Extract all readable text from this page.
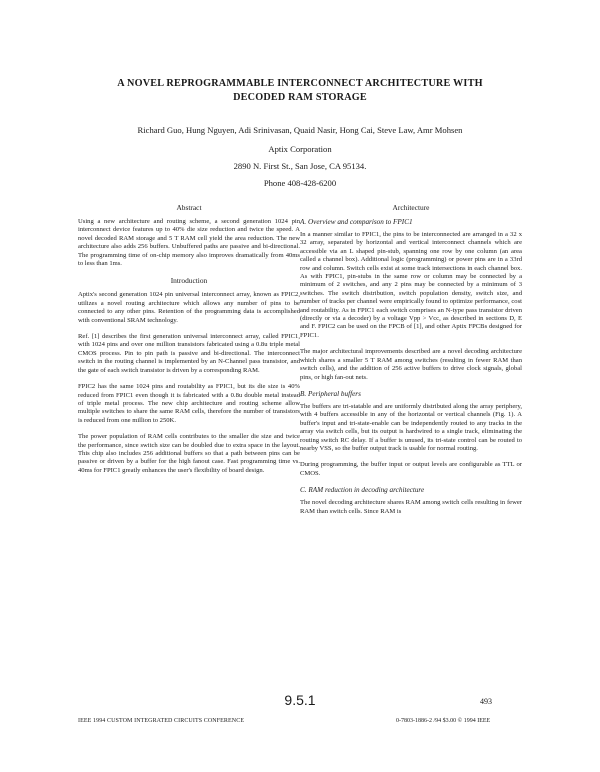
A NOVEL REPROGRAMMABLE INTERCONNECT ARCHITECTURE WITH
DECODED RAM STORAGE
Richard Guo, Hung Nguyen, Adi Srinivasan, Quaid Nasir, Hong Cai, Steve Law, Amr Mohsen
Aptix Corporation
2890 N. First St., San Jose, CA 95134.
Phone 408-428-6200
Abstract

Using a new architecture and routing scheme, a second generation 1024 pin interconnect device features up to 40% die size reduction and twice the speed. A novel decoded RAM storage and 5 T RAM cell yield the area reduction. The new architecture also adds 256 buffers. Unbuffered paths are passive and bi-directional. The programming time of on-chip memory also improves dramatically from 40ms to less than 1ms.

Introduction

Aptix's second generation 1024 pin universal interconnect array, known as FPIC2, utilizes a novel routing architecture which allows any number of pins to be connected to any other pins. Retention of the programming data is accomplished with conventional SRAM technology.

Ref. [1] describes the first generation universal interconnect array, called FPIC1, with 1024 pins and over one million transistors fabricated using a 0.8u triple metal CMOS process. Pin to pin path is passive and bi-directional. The interconnect switch in the routing channel is implemented by an N-Channel pass transistor, and the gate of each switch transistor is driven by a corresponding RAM.

FPIC2 has the same 1024 pins and routability as FPIC1, but its die size is 40% reduced from FPIC1 even though it is fabricated with a 0.8u double metal instead of triple metal process. The new chip architecture and routing scheme allow multiple switches to share the same RAM cells, therefore the number of transistors is reduced from one million to 250K.

The power population of RAM cells contributes to the smaller die size and twice the performance, since switch size can be doubled due to extra space in the layout. This chip also includes 256 additional buffers so that a path between pins can be passive or driven by a buffer for the high fanout case. Fast programming time vs. 40ms for FPIC1 greatly enhances the user's flexibility of board design.

Architecture
A. Overview and comparison to FPIC1

In a manner similar to FPIC1, the pins to be interconnected are arranged in a 32 x 32 array, separated by horizontal and vertical interconnect channels which are accessible via an L shaped pin-stub, spanning one row by one column (an area called a channel box). Additional logic (programming) or power pins are in a 33rd row and column. Switch cells exist at some track intersections in each channel box. As with FPIC1, pin-stubs in the same row or column may be connected by a minimum of 2 switches, and any 2 pins may be connected by a minimum of 3 switches. The switch distribution, switch population density, switch size, and number of tracks per channel were empirically found to optimize performance, cost and routability. As in FPIC1 each switch comprises an N-type pass transistor driven (directly or via a decoder) by a voltage Vpp > Vcc, as described in sections D, E and F. FPIC2 can be used on the FPCB of [1], and other Aptix FPCBs designed for FPIC1.

The major architectural improvements described are a novel decoding architecture which shares a smaller 5 T RAM among switches (resulting in fewer RAM than switch cells), and the addition of 256 active buffers to drive clock signals, global pins, or high fan-out nets.

B. Peripheral buffers

The buffers are tri-statable and are uniformly distributed along the array periphery, with 4 buffers accessible in any of the horizontal or vertical channels (Fig. 1). A buffer's input and tri-state-enable can be independently routed to any tracks in the array via switch cells, but its output is hardwired to a single track, eliminating the routing switch RC delay. If a buffer is unused, its tri-state control can be routed to nearby VSS, so the buffer output track is usable for normal routing.

During programming, the buffer input or output levels are configurable as TTL or CMOS.

C. RAM reduction in decoding architecture

The novel decoding architecture shares RAM among switch cells resulting in fewer RAM than switch cells. Since RAM is

9.5.1	493
IEEE 1994 CUSTOM INTEGRATED CIRCUITS CONFERENCE	0-7803-1886-2 /94 $3.00 © 1994 IEEE
